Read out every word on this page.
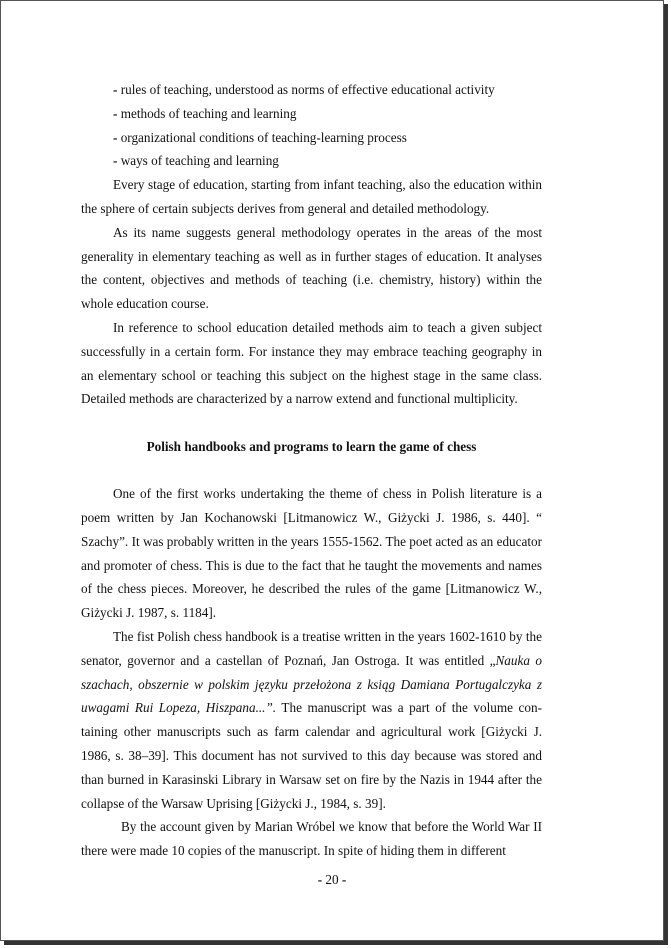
- rules of teaching, understood as norms of effective educational activity
- methods of teaching and learning
- organizational conditions of teaching-learning process
- ways of teaching and learning

Every stage of education, starting from infant teaching, also the education within the sphere of certain subjects derives from general and detailed methodology.

As its name suggests general methodology operates in the areas of the most generality in elementary teaching as well as in further stages of education. It analyses the content, objectives and methods of teaching (i.e. chemistry, history) within the whole education course.

In reference to school education detailed methods aim to teach a given subject successfully in a certain form. For instance they may embrace teaching geography in an elementary school or teaching this subject on the highest stage in the same class. Detailed methods are characterized by a narrow extend and functional multiplicity.

Polish handbooks and programs to learn the game of chess

One of the first works undertaking the theme of chess in Polish literature is a poem written by Jan Kochanowski [Litmanowicz W., Giżycki J. 1986, s. 440]. “ Szachy”. It was probably written in the years 1555-1562. The poet acted as an educator and promoter of chess. This is due to the fact that he taught the movements and names of the chess pieces. Moreover, he described the rules of the game [Litmanowicz W., Giżycki J. 1987, s. 1184].

The fist Polish chess handbook is a treatise written in the years 1602-1610 by the senator, governor and a castellan of Poznań, Jan Ostroga. It was entitled „Nauka o szachach, obszernie w polskim języku przełożona z ksiąg Damiana Portugalczyka z uwagami Rui Lopeza, Hiszpana...”. The manuscript was a part of the volume containing other manuscripts such as farm calendar and agricultural work [Giżycki J. 1986, s. 38–39]. This document has not survived to this day because was stored and than burned in Karasinski Library in Warsaw set on fire by the Nazis in 1944 after the collapse of the Warsaw Uprising [Giżycki J., 1984, s. 39].

By the account given by Marian Wróbel we know that before the World War II there were made 10 copies of the manuscript. In spite of hiding them in different

- 20 -
